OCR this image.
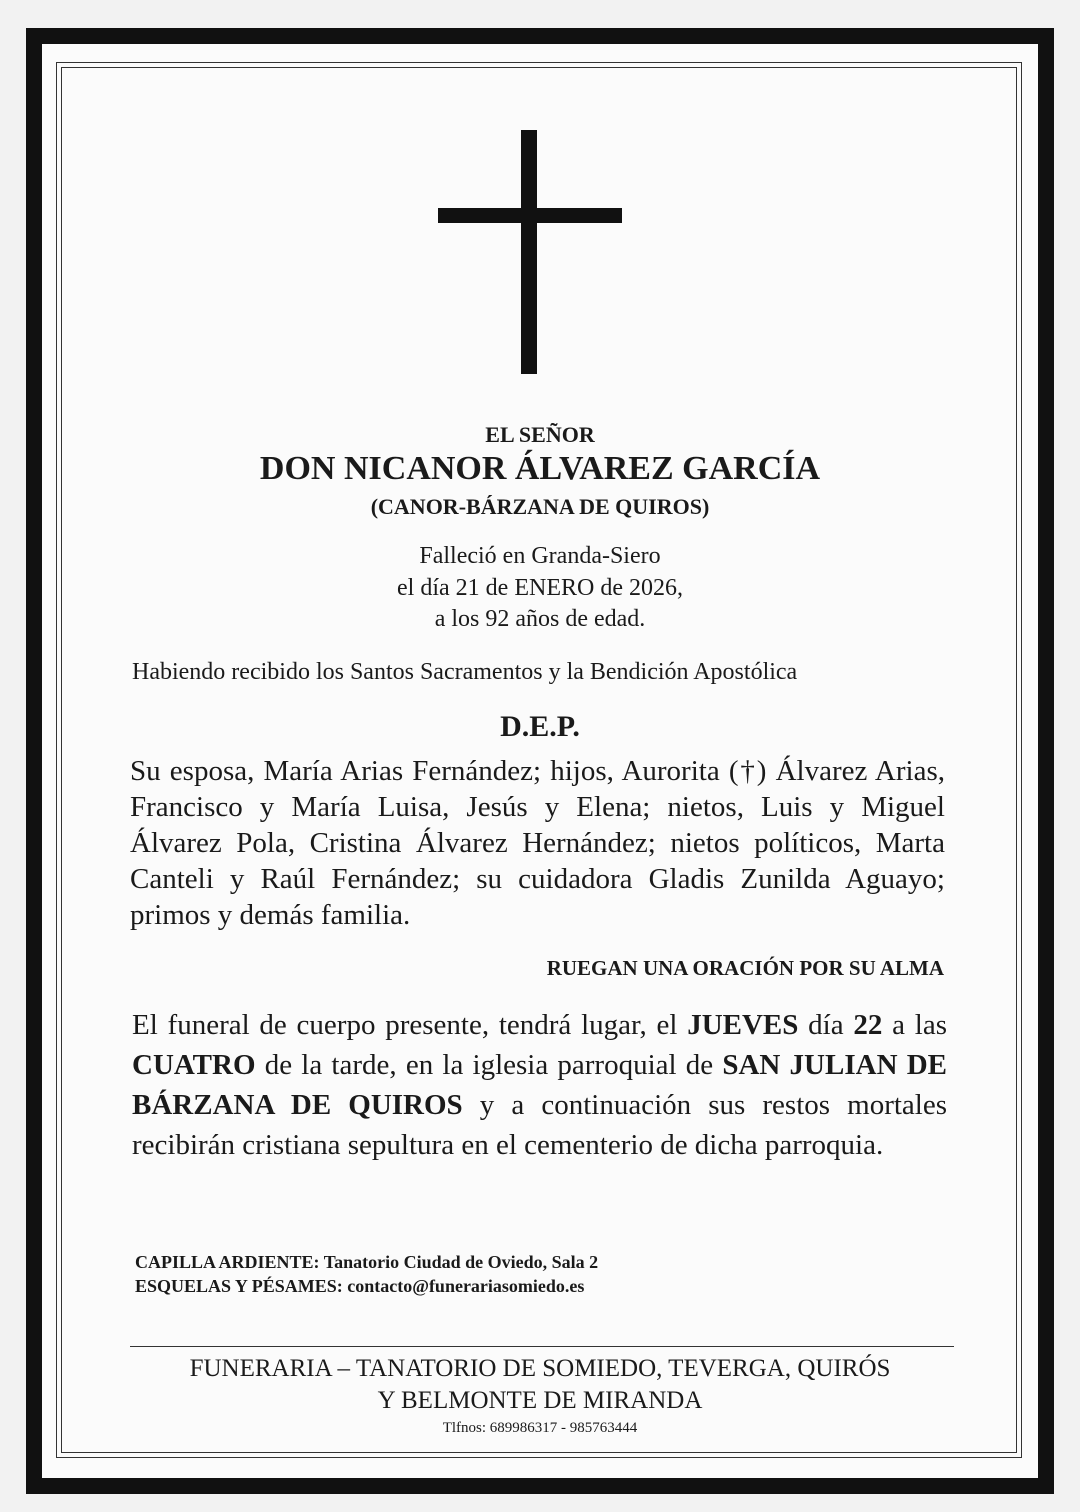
EL SEÑOR
DON NICANOR ÁLVAREZ GARCÍA
(CANOR-BÁRZANA DE QUIROS)
Falleció en Granda-Siero
el día 21 de ENERO de 2026,
a los 92 años de edad.
Habiendo recibido los Santos Sacramentos y la Bendición Apostólica
D.E.P.
Su esposa, María Arias Fernández; hijos, Aurorita (†) Álvarez Arias, Francisco y María Luisa, Jesús y Elena; nietos, Luis y Miguel Álvarez Pola, Cristina Álvarez Hernández; nietos políticos, Marta Canteli y Raúl Fernández; su cuidadora Gladis Zunilda Aguayo; primos y demás familia.
RUEGAN UNA ORACIÓN POR SU ALMA
El funeral de cuerpo presente, tendrá lugar, el JUEVES día 22 a las CUATRO de la tarde, en la iglesia parroquial de SAN JULIAN DE BÁRZANA DE QUIROS y a continuación sus restos mortales recibirán cristiana sepultura en el cementerio de dicha parroquia.
CAPILLA ARDIENTE: Tanatorio Ciudad de Oviedo, Sala 2
ESQUELAS Y PÉSAMES: contacto@funerariasomiedo.es
FUNERARIA – TANATORIO DE SOMIEDO, TEVERGA, QUIRÓS
Y BELMONTE DE MIRANDA
Tlfnos: 689986317 - 985763444
